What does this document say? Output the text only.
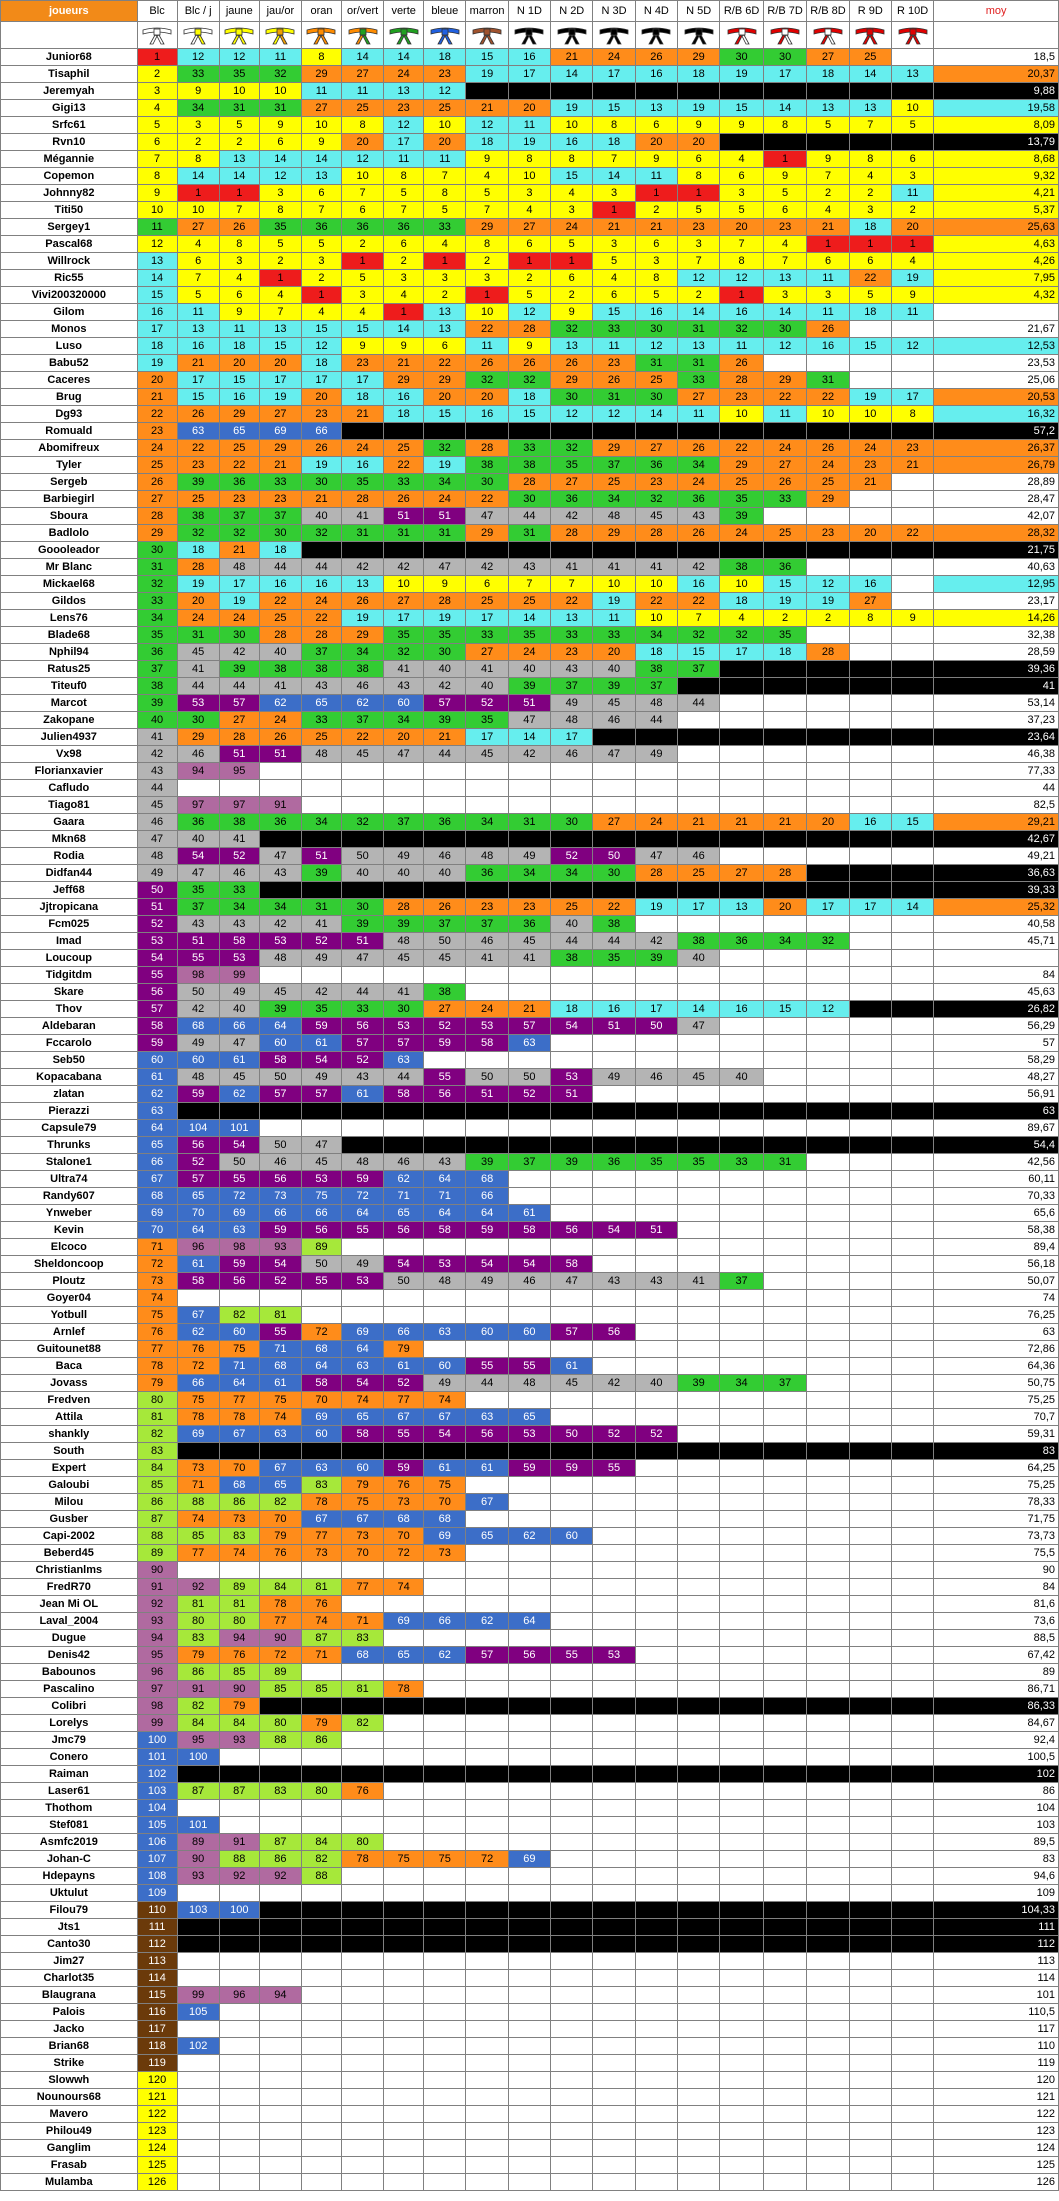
joueurs	Blc	Blc / j	jaune	jau/or	oran	or/vert	verte	bleue	marron	N 1D	N 2D	N 3D	N 4D	N 5D	R/B 6D	R/B 7D	R/B 8D	R 9D	R 10D	moy

Junior68	1	12	12	11	8	14	14	18	15	16	21	24	26	29	30	30	27	25		18,5
Tisaphil	2	33	35	32	29	27	24	23	19	17	14	17	16	18	19	17	18	14	13	20,37
Jeremyah	3	9	10	10	11	11	13	12												9,88
Gigi13	4	34	31	31	27	25	23	25	21	20	19	15	13	19	15	14	13	13	10	19,58
Srfc61	5	3	5	9	10	8	12	10	12	11	10	8	6	9	9	8	5	7	5	8,09
Rvn10	6	2	2	6	9	20	17	20	18	19	16	18	20	20						13,79
Mégannie	7	8	13	14	14	12	11	11	9	8	8	7	9	6	4	1	9	8	6	8,68
Copemon	8	14	14	12	13	10	8	7	4	10	15	14	11	8	6	9	7	4	3	9,32
Johnny82	9	1	1	3	6	7	5	8	5	3	4	3	1	1	3	5	2	2	11	4,21
Titi50	10	10	7	8	7	6	7	5	7	4	3	1	2	5	5	6	4	3	2	5,37
Sergey1	11	27	26	35	36	36	36	33	29	27	24	21	21	23	20	23	21	18	20	25,63
Pascal68	12	4	8	5	5	2	6	4	8	6	5	3	6	3	7	4	1	1	1	4,63
Willrock	13	6	3	2	3	1	2	1	2	1	1	5	3	7	8	7	6	6	4	4,26
Ric55	14	7	4	1	2	5	3	3	3	2	6	4	8	12	12	13	11	22	19	7,95
Vivi200320000	15	5	6	4	1	3	4	2	1	5	2	6	5	2	1	3	3	5	9	4,32
Gilom	16	11	9	7	4	4	1	13	10	12	9	15	16	14	16	14	11	18	11	
Monos	17	13	11	13	15	15	14	13	22	28	32	33	30	31	32	30	26			21,67
Luso	18	16	18	15	12	9	9	6	11	9	13	11	12	13	11	12	16	15	12	12,53
Babu52	19	21	20	20	18	23	21	22	26	26	26	23	31	31	26					23,53
Caceres	20	17	15	17	17	17	29	29	32	32	29	26	25	33	28	29	31			25,06
Brug	21	15	16	19	20	18	16	20	20	18	30	31	30	27	23	22	22	19	17	20,53
Dg93	22	26	29	27	23	21	18	15	16	15	12	12	14	11	10	11	10	10	8	16,32
Romuald	23	63	65	69	66															57,2
Abomifreux	24	22	25	29	26	24	25	32	28	33	32	29	27	26	22	24	26	24	23	26,37
Tyler	25	23	22	21	19	16	22	19	38	38	35	37	36	34	29	27	24	23	21	26,79
Sergeb	26	39	36	33	30	35	33	34	30	28	27	25	23	24	25	26	25	21		28,89
Barbiegirl	27	25	23	23	21	28	26	24	22	30	36	34	32	36	35	33	29			28,47
Sboura	28	38	37	37	40	41	51	51	47	44	42	48	45	43	39					42,07
Badlolo	29	32	32	30	32	31	31	31	29	31	28	29	28	26	24	25	23	20	22	28,32
Goooleador	30	18	21	18																21,75
Mr Blanc	31	28	48	44	44	42	42	47	42	43	41	41	41	42	38	36				40,63
Mickael68	32	19	17	16	16	13	10	9	6	7	7	10	10	16	10	15	12	16		12,95
Gildos	33	20	19	22	24	26	27	28	25	25	22	19	22	22	18	19	19	27		23,17
Lens76	34	24	24	25	22	19	17	19	17	14	13	11	10	7	4	2	2	8	9	14,26
Blade68	35	31	30	28	28	29	35	35	33	35	33	33	34	32	32	35				32,38
Nphil94	36	45	42	40	37	34	32	30	27	24	23	20	18	15	17	18	28			28,59
Ratus25	37	41	39	38	38	38	41	40	41	40	43	40	38	37						39,36
Titeuf0	38	44	44	41	43	46	43	42	40	39	37	39	37							41
Marcot	39	53	57	62	65	62	60	57	52	51	49	45	48	44						53,14
Zakopane	40	30	27	24	33	37	34	39	35	47	48	46	44							37,23
Julien4937	41	29	28	26	25	22	20	21	17	14	17									23,64
Vx98	42	46	51	51	48	45	47	44	45	42	46	47	49							46,38
Florianxavier	43	94	95																	77,33
Cafludo	44																			44
Tiago81	45	97	97	91																82,5
Gaara	46	36	38	36	34	32	37	36	34	31	30	27	24	21	21	21	20	16	15	29,21
Mkn68	47	40	41																	42,67
Rodia	48	54	52	47	51	50	49	46	48	49	52	50	47	46						49,21
Didfan44	49	47	46	43	39	40	40	40	36	34	34	30	28	25	27	28				36,63
Jeff68	50	35	33																	39,33
Jjtropicana	51	37	34	34	31	30	28	26	23	23	25	22	19	17	13	20	17	17	14	25,32
Fcm025	52	43	43	42	41	39	39	37	37	36	40	38								40,58
Imad	53	51	58	53	52	51	48	50	46	45	44	44	42	38	36	34	32			45,71
Loucoup	54	55	53	48	49	47	45	45	41	41	38	35	39	40						
Tidgitdm	55	98	99																	84
Skare	56	50	49	45	42	44	41	38												45,63
Thov	57	42	40	39	35	33	30	27	24	21	18	16	17	14	16	15	12			26,82
Aldebaran	58	68	66	64	59	56	53	52	53	57	54	51	50	47						56,29
Fccarolo	59	49	47	60	61	57	57	59	58	63										57
Seb50	60	60	61	58	54	52	63													58,29
Kopacabana	61	48	45	50	49	43	44	55	50	50	53	49	46	45	40					48,27
zlatan	62	59	62	57	57	61	58	56	51	52	51									56,91
Pierazzi	63																			63
Capsule79	64	104	101																	89,67
Thrunks	65	56	54	50	47															54,4
Stalone1	66	52	50	46	45	48	46	43	39	37	39	36	35	35	33	31				42,56
Ultra74	67	57	55	56	53	59	62	64	68											60,11
Randy607	68	65	72	73	75	72	71	71	66											70,33
Ynweber	69	70	69	66	66	64	65	64	64	61										65,6
Kevin	70	64	63	59	56	55	56	58	59	58	56	54	51							58,38
Elcoco	71	96	98	93	89															89,4
Sheldoncoop	72	61	59	54	50	49	54	53	54	54	58									56,18
Ploutz	73	58	56	52	55	53	50	48	49	46	47	43	43	41	37					50,07
Goyer04	74																			74
Yotbull	75	67	82	81																76,25
Arnlef	76	62	60	55	72	69	66	63	60	60	57	56								63
Guitounet88	77	76	75	71	68	64	79													72,86
Baca	78	72	71	68	64	63	61	60	55	55	61									64,36
Jovass	79	66	64	61	58	54	52	49	44	48	45	42	40	39	34	37				50,75
Fredven	80	75	77	75	70	74	77	74												75,25
Attila	81	78	78	74	69	65	67	67	63	65										70,7
shankly	82	69	67	63	60	58	55	54	56	53	50	52	52							59,31
South	83																			83
Expert	84	73	70	67	63	60	59	61	61	59	59	55								64,25
Galoubi	85	71	68	65	83	79	76	75												75,25
Milou	86	88	86	82	78	75	73	70	67											78,33
Gusber	87	74	73	70	67	67	68	68												71,75
Capi-2002	88	85	83	79	77	73	70	69	65	62	60									73,73
Beberd45	89	77	74	76	73	70	72	73												75,5
Christianlms	90																			90
FredR70	91	92	89	84	81	77	74													84
Jean Mi OL	92	81	81	78	76															81,6
Laval_2004	93	80	80	77	74	71	69	66	62	64										73,6
Dugue	94	83	94	90	87	83														88,5
Denis42	95	79	76	72	71	68	65	62	57	56	55	53								67,42
Babounos	96	86	85	89																89
Pascalino	97	91	90	85	85	81	78													86,71
Colibri	98	82	79																	86,33
Lorelys	99	84	84	80	79	82														84,67
Jmc79	100	95	93	88	86															92,4
Conero	101	100																		100,5
Raiman	102																			102
Laser61	103	87	87	83	80	76														86
Thothom	104																			104
Stef081	105	101																		103
Asmfc2019	106	89	91	87	84	80														89,5
Johan-C	107	90	88	86	82	78	75	75	72	69										83
Hdepayns	108	93	92	92	88															94,6
Uktulut	109																			109
Filou79	110	103	100																	104,33
Jts1	111																			111
Canto30	112																			112
Jim27	113																			113
Charlot35	114																			114
Blaugrana	115	99	96	94																101
Palois	116	105																		110,5
Jacko	117																			117
Brian68	118	102																		110
Strike	119																			119
Slowwh	120																			120
Nounours68	121																			121
Mavero	122																			122
Philou49	123																			123
Ganglim	124																			124
Frasab	125																			125
Mulamba	126																			126
